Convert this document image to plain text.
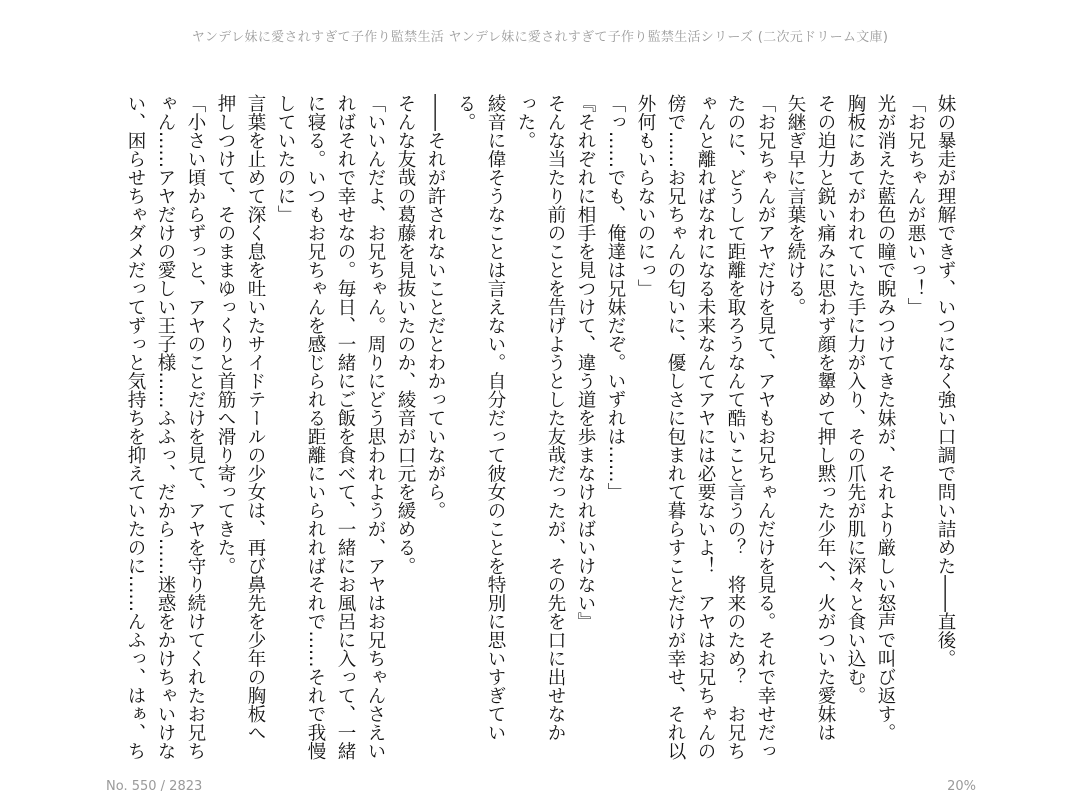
ヤンデレ妹に愛されすぎて子作り監禁生活 ヤンデレ妹に愛されすぎて子作り監禁生活シリーズ (二次元ドリーム文庫)

妹の暴走が理解できず、いつになく強い口調で問い詰めた――直後。

「お兄ちゃんが悪いっ！」

光が消えた藍色の瞳で睨みつけてきた妹が、それより厳しい怒声で叫び返す。

胸板にあてがわれていた手に力が入り、その爪先が肌に深々と食い込む。

その迫力と鋭い痛みに思わず顔を顰めて押し黙った少年へ、火がついた愛妹は

矢継ぎ早に言葉を続ける。

「お兄ちゃんがアヤだけを見て、アヤもお兄ちゃんだけを見る。それで幸せだっ

たのに、どうして距離を取ろうなんて酷いこと言うの？　将来のため？　お兄ち

ゃんと離ればなれになる未来なんてアヤには必要ないよ！　アヤはお兄ちゃんの

傍で……お兄ちゃんの匂いに、優しさに包まれて暮らすことだけが幸せ、それ以

外何もいらないのにっ」

「っ……でも、俺達は兄妹だぞ。いずれは……」

『それぞれに相手を見つけて、違う道を歩まなければいけない』

そんな当たり前のことを告げようとした友哉だったが、その先を口に出せなか

った。

綾音に偉そうなことは言えない。自分だって彼女のことを特別に思いすぎてい

る。

――それが許されないことだとわかっていながら。

そんな友哉の葛藤を見抜いたのか、綾音が口元を緩める。

「いいんだよ、お兄ちゃん。周りにどう思われようが、アヤはお兄ちゃんさえい

ればそれで幸せなの。毎日、一緒にご飯を食べて、一緒にお風呂に入って、一緒

に寝る。いつもお兄ちゃんを感じられる距離にいられればそれで……それで我慢

していたのに」

言葉を止めて深く息を吐いたサイドテールの少女は、再び鼻先を少年の胸板へ

押しつけて、そのままゆっくりと首筋へ滑り寄ってきた。

「小さい頃からずっと、アヤのことだけを見て、アヤを守り続けてくれたお兄ち

ゃん……アヤだけの愛しい王子様……ふふっ、だから……迷惑をかけちゃいけな

い、困らせちゃダメだってずっと気持ちを抑えていたのに……んふっ、はぁ、ち

No. 550 / 2823	20%
